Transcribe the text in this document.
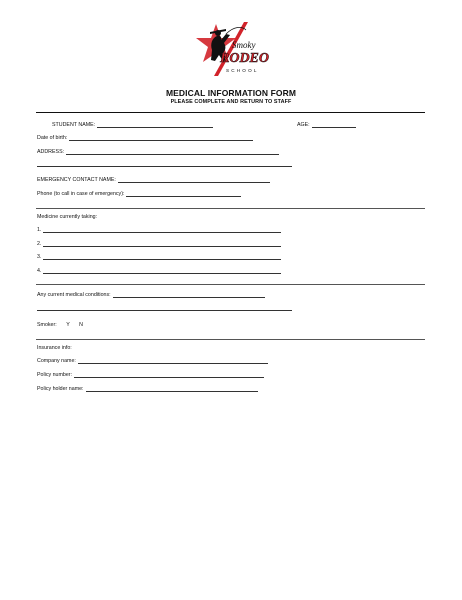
Smoky
RODEO
SCHOOL
MEDICAL INFORMATION FORM
PLEASE COMPLETE AND RETURN TO STAFF
STUDENT NAME:	AGE:
Date of birth:
ADDRESS:
EMERGENCY CONTACT NAME:
Phone (to call in case of emergency):
Medicine currently taking:
1.
2.
3.
4.
Any current medical conditions:
Smoker: Y N
Insurance info:
Company name:
Policy number:
Policy holder name:
